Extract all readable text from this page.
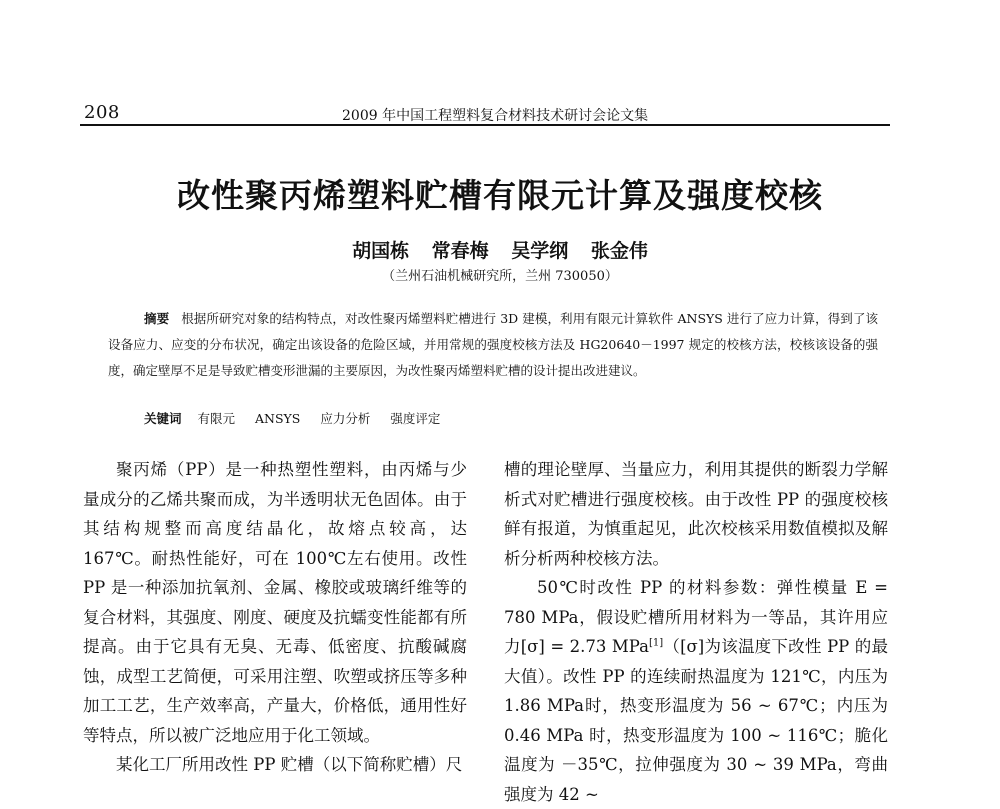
208	2009 年中国工程塑料复合材料技术研讨会论文集
改性聚丙烯塑料贮槽有限元计算及强度校核
胡国栋 常春梅 吴学纲 张金伟
（兰州石油机械研究所，兰州 730050）
摘要 根据所研究对象的结构特点，对改性聚丙烯塑料贮槽进行 3D 建模，利用有限元计算软件 ANSYS 进行了应力计算，得到了该设备应力、应变的分布状况，确定出该设备的危险区域，并用常规的强度校核方法及 HG20640－1997 规定的校核方法，校核该设备的强度，确定壁厚不足是导致贮槽变形泄漏的主要原因，为改性聚丙烯塑料贮槽的设计提出改进建议。
关键词 有限元 ANSYS 应力分析 强度评定

聚丙烯（PP）是一种热塑性塑料，由丙烯与少量成分的乙烯共聚而成，为半透明状无色固体。由于其结构规整而高度结晶化，故熔点较高，达 167℃。耐热性能好，可在 100℃左右使用。改性 PP 是一种添加抗氧剂、金属、橡胶或玻璃纤维等的复合材料，其强度、刚度、硬度及抗蠕变性能都有所提高。由于它具有无臭、无毒、低密度、抗酸碱腐蚀，成型工艺简便，可采用注塑、吹塑或挤压等多种加工工艺，生产效率高，产量大，价格低，通用性好等特点，所以被广泛地应用于化工领域。

某化工厂所用改性 PP 贮槽（以下简称贮槽）尺

槽的理论壁厚、当量应力，利用其提供的断裂力学解析式对贮槽进行强度校核。由于改性 PP 的强度校核鲜有报道，为慎重起见，此次校核采用数值模拟及解析分析两种校核方法。

50℃时改性 PP 的材料参数：弹性模量 E = 780 MPa，假设贮槽所用材料为一等品，其许用应力[σ] = 2.73 MPa[1]（[σ]为该温度下改性 PP 的最大值）。改性 PP 的连续耐热温度为 121℃，内压为 1.86 MPa时，热变形温度为 56 ~ 67℃；内压为 0.46 MPa 时，热变形温度为 100 ~ 116℃；脆化温度为 －35℃，拉伸强度为 30 ~ 39 MPa，弯曲强度为 42 ~
